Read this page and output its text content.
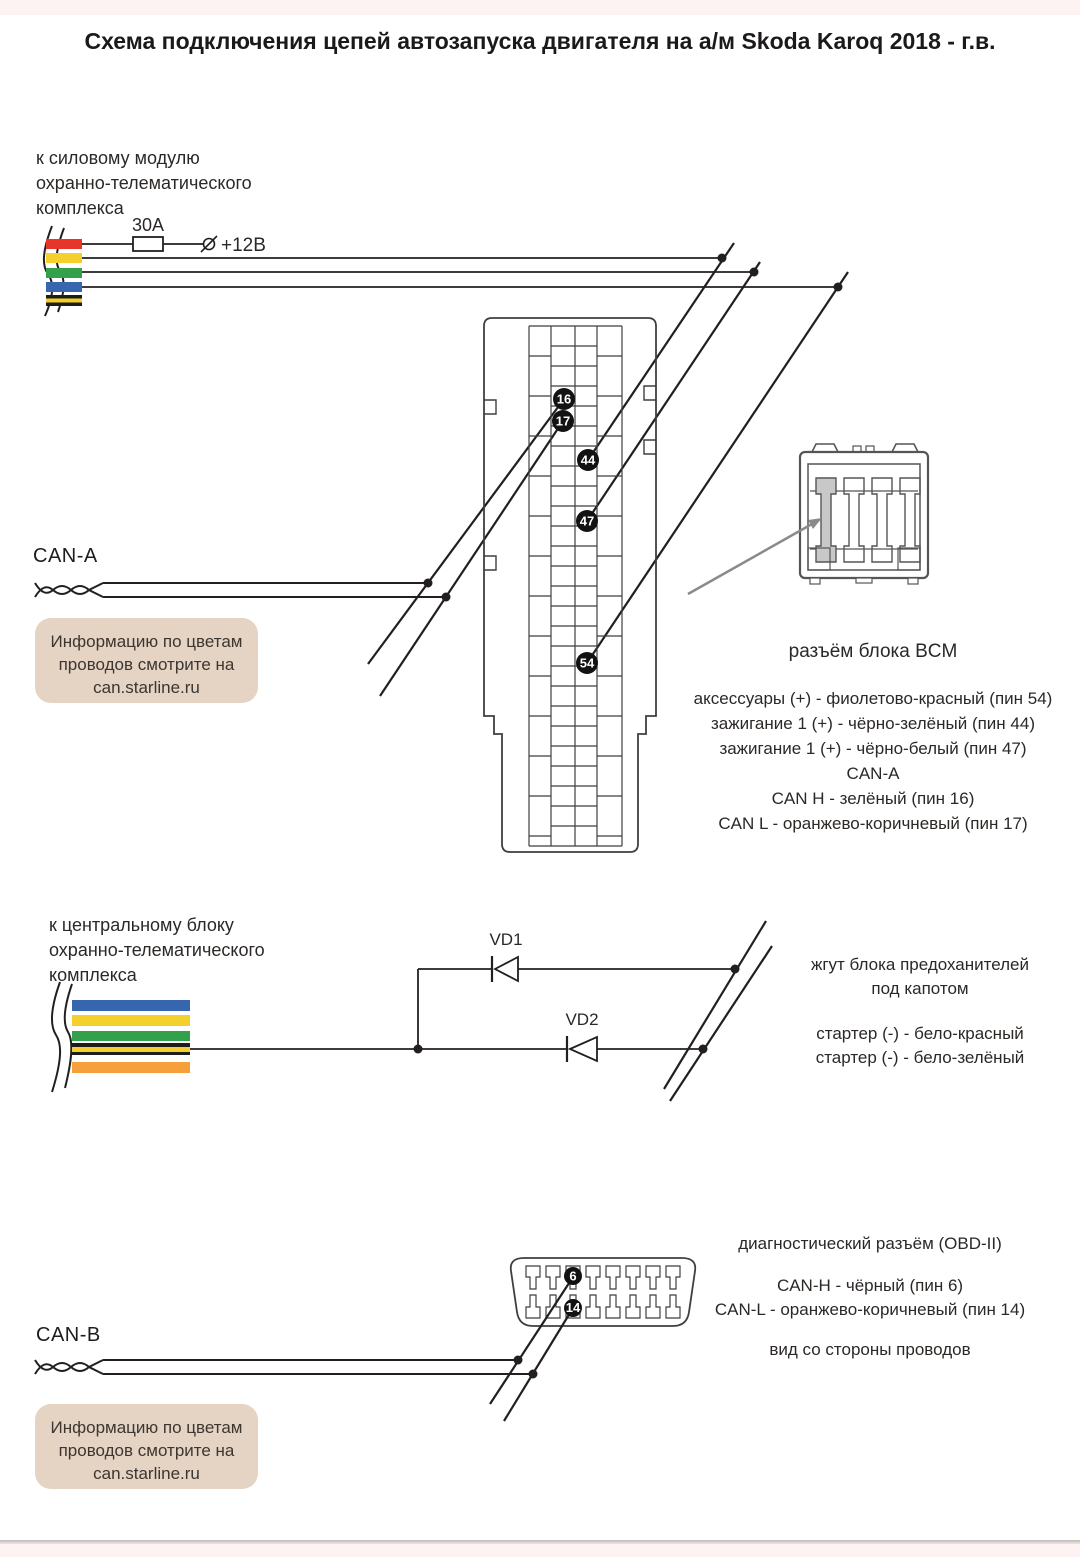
30A
+12В
16
17
44
47
54
6
14
Схема подключения цепей автозапуска двигателя на а/м Skoda Karoq 2018 - г.в.
к силовому модулю
охранно-телематического
комплекса
CAN-A
Информацию по цветам
проводов смотрите на
can.starline.ru
разъём блока BCM
аксессуары (+) - фиолетово-красный (пин 54)
зажигание 1 (+) - чёрно-зелёный (пин 44)
зажигание 1 (+) - чёрно-белый (пин 47)
CAN-A
CAN H - зелёный (пин 16)
CAN L - оранжево-коричневый (пин 17)
к центральному блоку
охранно-телематического
комплекса
VD1
VD2
жгут блока предоханителей
под капотом
стартер (-) - бело-красный
стартер (-) - бело-зелёный
диагностический разъём (OBD-II)
CAN-H - чёрный (пин 6)
CAN-L - оранжево-коричневый (пин 14)
вид со стороны проводов
CAN-B
Информацию по цветам
проводов смотрите на
can.starline.ru
